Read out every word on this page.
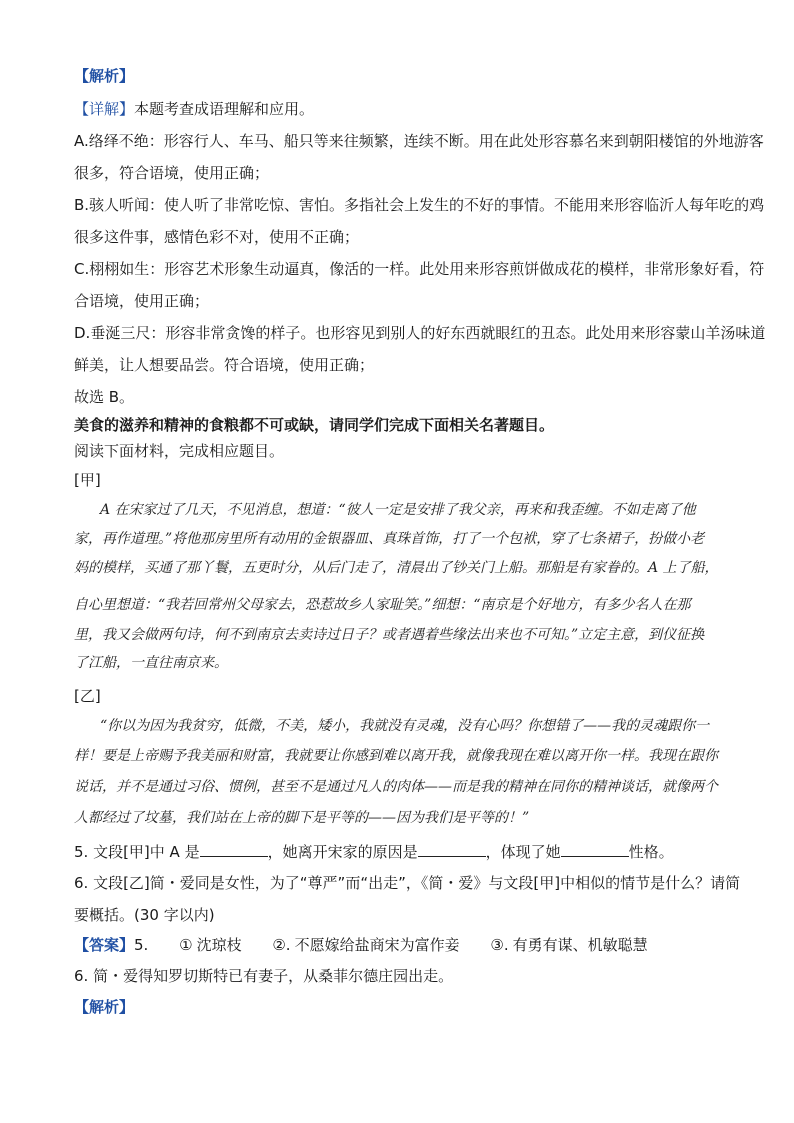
【解析】
【详解】本题考查成语理解和应用。
A.络绎不绝：形容行人、车马、船只等来往频繁，连续不断。用在此处形容慕名来到朝阳楼馆的外地游客
很多，符合语境，使用正确；
B.骇人听闻：使人听了非常吃惊、害怕。多指社会上发生的不好的事情。不能用来形容临沂人每年吃的鸡
很多这件事，感情色彩不对，使用不正确；
C.栩栩如生：形容艺术形象生动逼真，像活的一样。此处用来形容煎饼做成花的模样，非常形象好看，符
合语境，使用正确；
D.垂涎三尺：形容非常贪馋的样子。也形容见到别人的好东西就眼红的丑态。此处用来形容蒙山羊汤味道
鲜美，让人想要品尝。符合语境，使用正确；
故选 B。
美食的滋养和精神的食粮都不可或缺，请同学们完成下面相关名著题目。
阅读下面材料，完成相应题目。
[甲]
A 在宋家过了几天，不见消息，想道：“彼人一定是安排了我父亲，再来和我歪缠。不如走离了他
家，再作道理。”将他那房里所有动用的金银器皿、真珠首饰，打了一个包袱，穿了七条裙子，扮做小老
妈的模样，买通了那丫鬟，五更时分，从后门走了，清晨出了钞关门上船。那船是有家眷的。A 上了船，
自心里想道：“我若回常州父母家去，恐惹故乡人家耻笑。”细想：“南京是个好地方，有多少名人在那
里，我又会做两句诗，何不到南京去卖诗过日子？或者遇着些缘法出来也不可知。”立定主意，到仪征换
了江船，一直往南京来。
[乙]
“你以为因为我贫穷，低微，不美，矮小，我就没有灵魂，没有心吗？你想错了——我的灵魂跟你一
样！要是上帝赐予我美丽和财富，我就要让你感到难以离开我，就像我现在难以离开你一样。我现在跟你
说话，并不是通过习俗、惯例，甚至不是通过凡人的肉体——而是我的精神在同你的精神谈话，就像两个
人都经过了坟墓，我们站在上帝的脚下是平等的——因为我们是平等的！”
5. 文段[甲]中 A 是	，她离开宋家的原因是	，体现了她	性格。
6. 文段[乙]简・爱同是女性，为了“尊严”而“出走”，《简・爱》与文段[甲]中相似的情节是什么？请简
要概括。(30 字以内)
【答案】5. ① 沈琼枝 ②. 不愿嫁给盐商宋为富作妾 ③. 有勇有谋、机敏聪慧
6. 简・爱得知罗切斯特已有妻子，从桑菲尔德庄园出走。
【解析】
